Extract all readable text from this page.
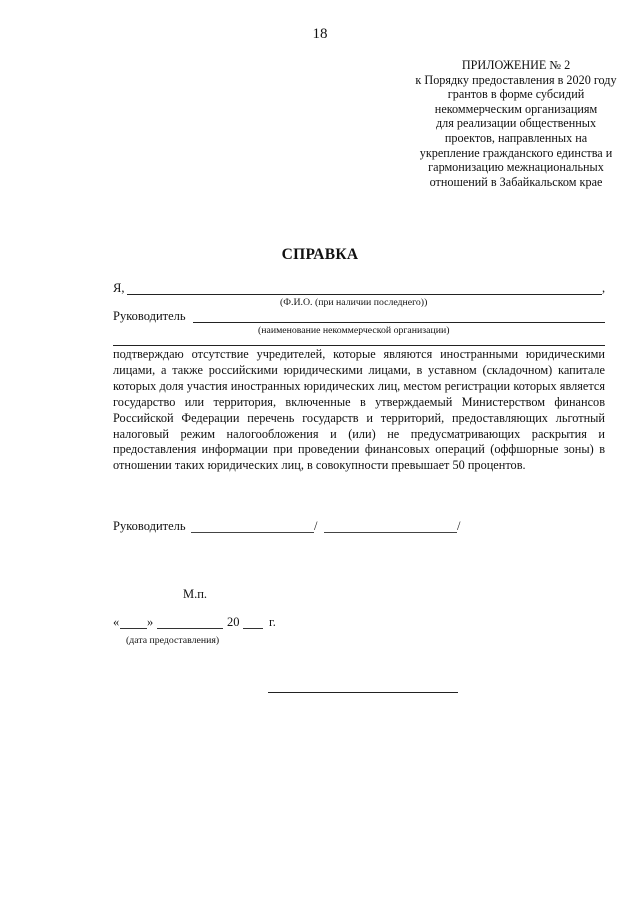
18
ПРИЛОЖЕНИЕ № 2
к Порядку предоставления в 2020 году
грантов в форме субсидий
некоммерческим организациям
для реализации общественных
проектов, направленных на
укрепление гражданского единства и
гармонизацию межнациональных
отношений в Забайкальском крае
СПРАВКА
Я,	,
(Ф.И.О. (при наличии последнего))
Руководитель
(наименование некоммерческой организации)
подтверждаю отсутствие учредителей, которые являются иностранными юридическими лицами, а также российскими юридическими лицами, в уставном (складочном) капитале которых доля участия иностранных юридических лиц, местом регистрации которых является государство или территория, включенные в утверждаемый Министерством финансов Российской Федерации перечень государств и территорий, предоставляющих льготный налоговый режим налогообложения и (или) не предусматривающих раскрытия и предоставления информации при проведении финансовых операций (оффшорные зоны) в отношении таких юридических лиц, в совокупности превышает 50 процентов.
Руководитель	/	/
М.п.
« »	20 г.
(дата предоставления)
